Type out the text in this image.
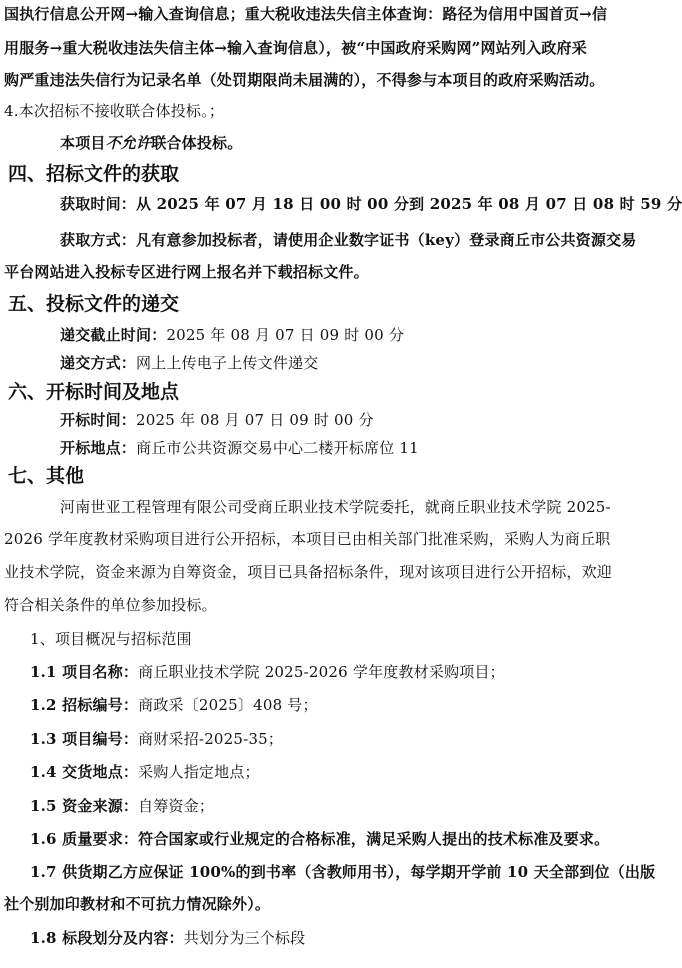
国执行信息公开网→输入查询信息；重大税收违法失信主体查询：路径为信用中国首页→信
用服务→重大税收违法失信主体→输入查询信息），被“中国政府采购网”网站列入政府采
购严重违法失信行为记录名单（处罚期限尚未届满的），不得参与本项目的政府采购活动。
4.本次招标不接收联合体投标。；
本项目不允许联合体投标。
四、招标文件的获取
获取时间：从 2025 年 07 月 18 日 00 时 00 分到 2025 年 08 月 07 日 08 时 59 分
获取方式：凡有意参加投标者，请使用企业数字证书（key）登录商丘市公共资源交易
平台网站进入投标专区进行网上报名并下载招标文件。
五、投标文件的递交
递交截止时间：2025 年 08 月 07 日 09 时 00 分
递交方式：网上上传电子上传文件递交
六、开标时间及地点
开标时间：2025 年 08 月 07 日 09 时 00 分
开标地点：商丘市公共资源交易中心二楼开标席位 11
七、其他
河南世亚工程管理有限公司受商丘职业技术学院委托，就商丘职业技术学院 2025-
2026 学年度教材采购项目进行公开招标，本项目已由相关部门批准采购，采购人为商丘职
业技术学院，资金来源为自筹资金，项目已具备招标条件，现对该项目进行公开招标，欢迎
符合相关条件的单位参加投标。
1、项目概况与招标范围
1.1 项目名称：商丘职业技术学院 2025-2026 学年度教材采购项目；
1.2 招标编号：商政采〔2025〕408 号；
1.3 项目编号：商财采招-2025-35；
1.4 交货地点：采购人指定地点；
1.5 资金来源：自筹资金；
1.6 质量要求：符合国家或行业规定的合格标准，满足采购人提出的技术标准及要求。
1.7 供货期乙方应保证 100%的到书率（含教师用书），每学期开学前 10 天全部到位（出版
社个别加印教材和不可抗力情况除外）。
1.8 标段划分及内容：共划分为三个标段
